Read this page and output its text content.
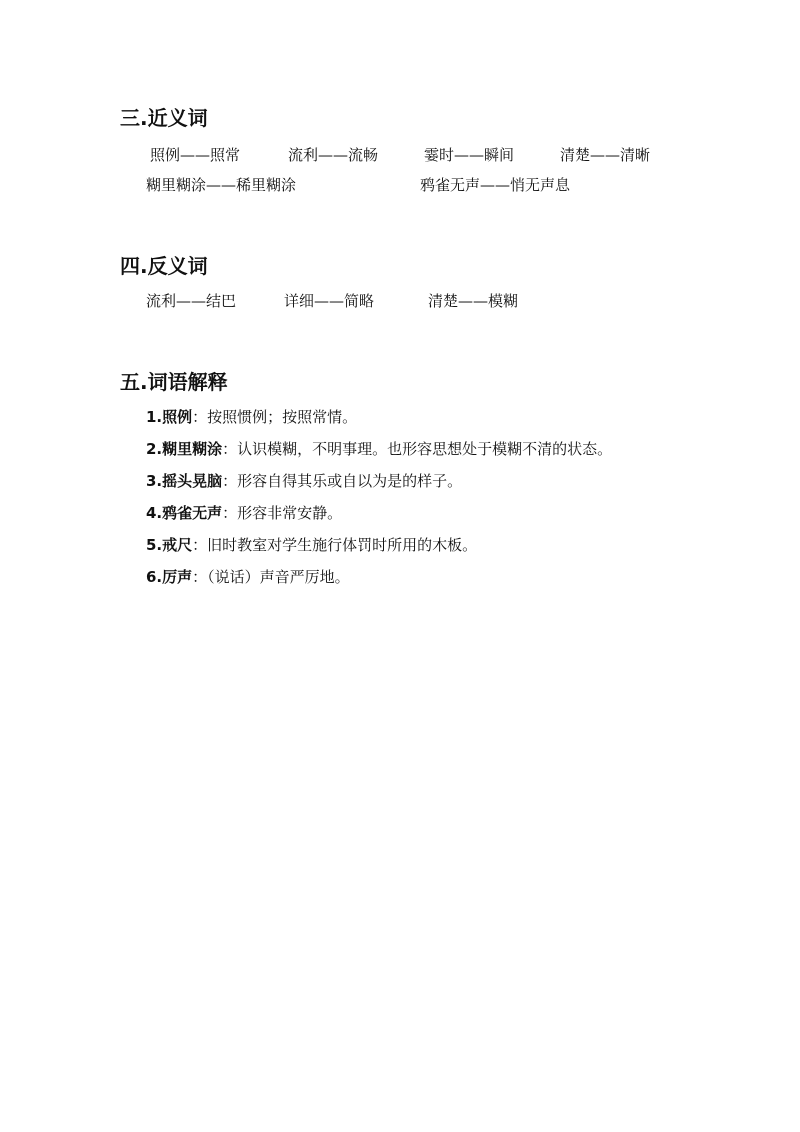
三.近义词
照例——照常	流利——流畅	霎时——瞬间	清楚——清晰
糊里糊涂——稀里糊涂	鸦雀无声——悄无声息
四.反义词
流利——结巴	详细——简略	清楚——模糊
五.词语解释
1.照例：按照惯例；按照常情。
2.糊里糊涂：认识模糊，不明事理。也形容思想处于模糊不清的状态。
3.摇头晃脑：形容自得其乐或自以为是的样子。
4.鸦雀无声：形容非常安静。
5.戒尺：旧时教室对学生施行体罚时所用的木板。
6.厉声：（说话）声音严厉地。
